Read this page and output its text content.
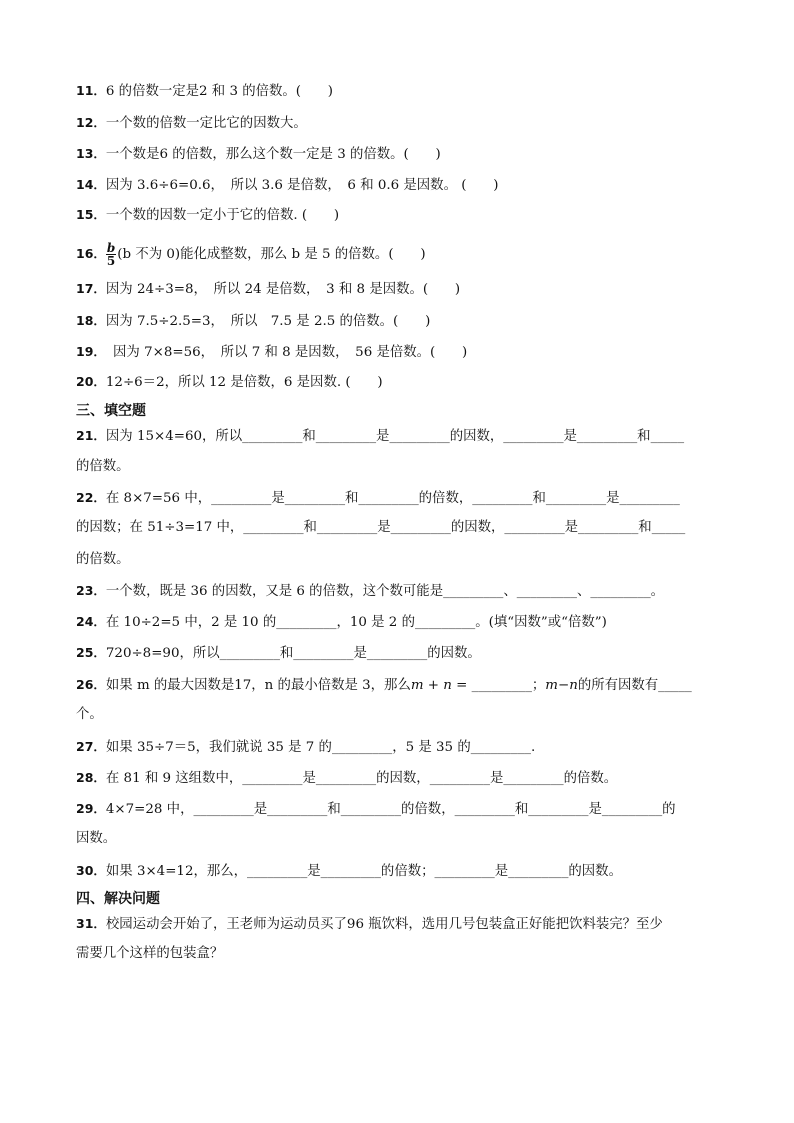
11．6 的倍数一定是2 和 3 的倍数。(　　)
12．一个数的倍数一定比它的因数大。
13．一个数是6 的倍数，那么这个数一定是 3 的倍数。(　　)
14．因为 3.6÷6=0.6，　所以 3.6 是倍数，　6 和 0.6 是因数。 (　　)
15．一个数的因数一定小于它的倍数. (　　)
16． $\frac{b}{5} (b$ 不为 0)能化成整数，那么 b 是 5 的倍数。(　　)
17．因为 24÷3=8，　所以 24 是倍数，　3 和 8 是因数。(　　)
18．因为 7.5÷2.5=3，　所以　7.5 是 2.5 的倍数。(　　)
19．　因为 7×8=56，　所以 7 和 8 是因数，　56 是倍数。(　　)
20．12÷6＝2，所以 12 是倍数，6 是因数. (　　)
三、填空题
21．因为 15×4=60，所以_________和_________是_________的因数，_________是_________和_____
的倍数。
22．在 8×7=56 中，_________是_________和_________的倍数，_________和_________是_________
的因数；在 51÷3=17 中，_________和_________是_________的因数，_________是_________和_____
的倍数。
23．一个数，既是 36 的因数，又是 6 的倍数，这个数可能是_________、_________、_________。
24．在 10÷2=5 中，2 是 10 的_________，10 是 2 的_________。(填“因数”或“倍数”)
25．720÷8=90，所以_________和_________是_________的因数。
26．如果 m 的最大因数是17，n 的最小倍数是 3，那么m + n = _________；m−n的所有因数有_____
个。
27．如果 35÷7＝5，我们就说 35 是 7 的_________，5 是 35 的_________.
28．在 81 和 9 这组数中，_________是_________的因数，_________是_________的倍数。
29．4×7=28 中，_________是_________和_________的倍数，_________和_________是_________的
因数。
30．如果 3×4=12，那么，_________是_________的倍数；_________是_________的因数。
四、解决问题
31．校园运动会开始了，王老师为运动员买了96 瓶饮料，选用几号包装盒正好能把饮料装完？至少
需要几个这样的包装盒？
